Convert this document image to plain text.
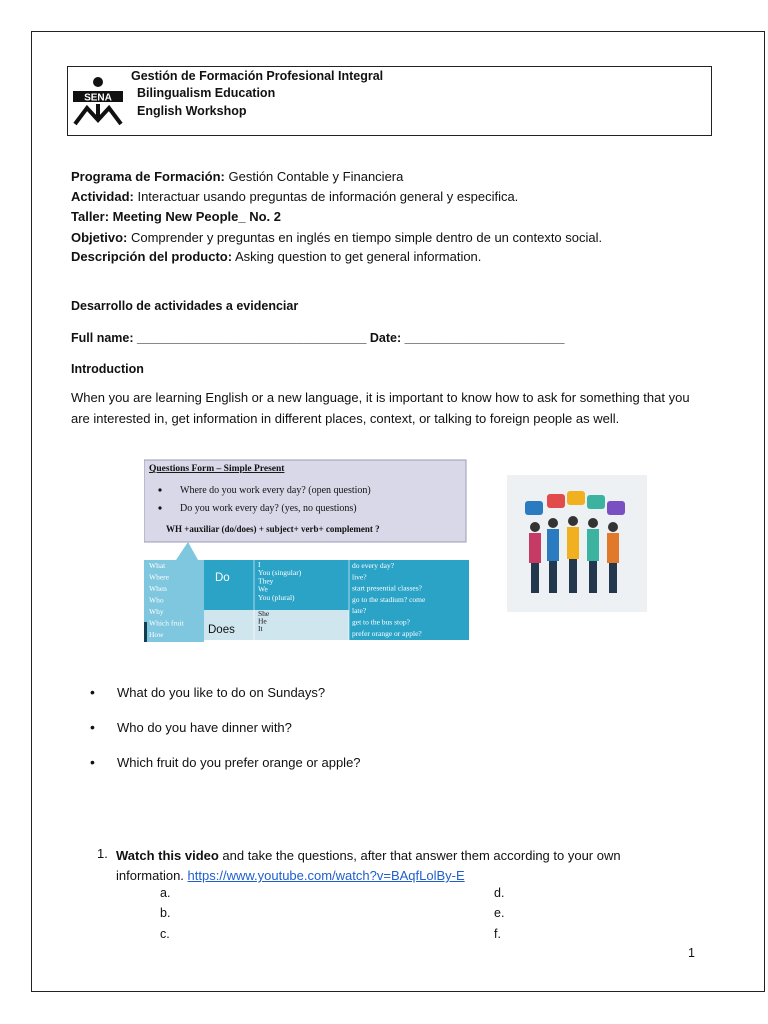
SENA
Gestión de Formación Profesional Integral
Bilingualism Education
English Workshop
Programa de Formación: Gestión Contable y Financiera
Actividad: Interactuar usando preguntas de información general y especifica.
Taller: Meeting New People_ No. 2
Objetivo: Comprender y preguntas en inglés en tiempo simple dentro de un contexto social.
Descripción del producto: Asking question to get general information.
Desarrollo de actividades a evidenciar
Full name: _________________________________ Date: _______________________
Introduction
When you are learning English or a new language, it is important to know how to ask for something that you are interested in, get information in different places, context, or talking to foreign people as well.
Questions Form – Simple Present
Where do you work every day? (open question)
Do you work every day? (yes, no questions)
WH +auxiliar (do/does) + subject+ verb+ complement ?
What
Where
When
Who
Why
Which fruit
How
Do
Does
I
You (singular)
They
We
You (plural)
She
He
It
do every day?
live?
start presential classes?
go to the stadium? come
late?
get to the bus stop?
prefer orange or apple?
• What do you like to do on Sundays?
• Who do you have dinner with?
• Which fruit do you prefer orange or apple?
1. Watch this video and take the questions, after that answer them according to your own information. https://www.youtube.com/watch?v=BAqfLolBy-E
a.
b.
c.
d.
e.
f.
1
